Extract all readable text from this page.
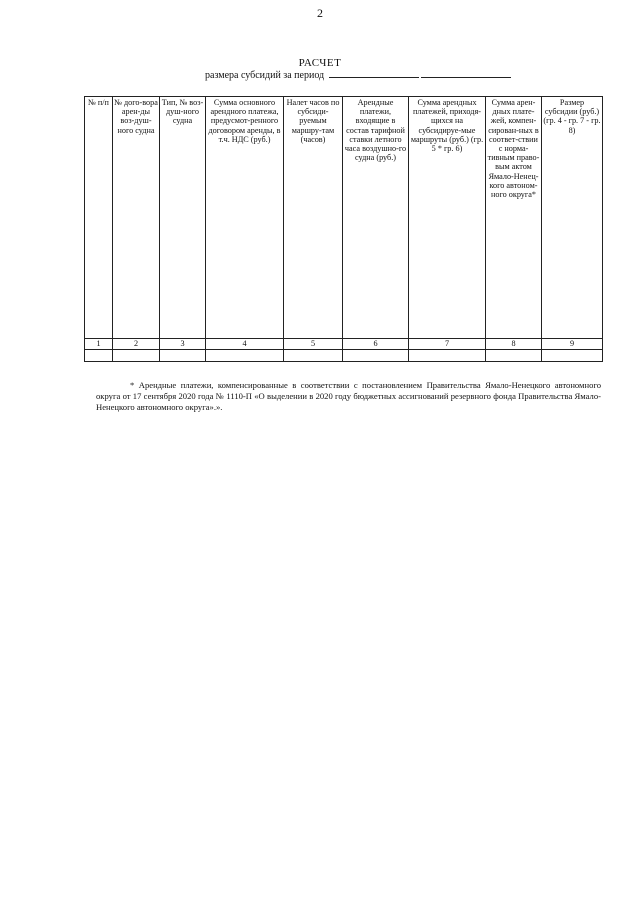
2
РАСЧЕТ
размера субсидий за период
№ п/п	№ дого-вора арен-ды воз-душ-ного судна	Тип, № воз-душ-ного судна	Сумма основного арендного платежа, предусмот-ренного договором аренды, в т.ч. НДС (руб.)	Налет часов по субсиди-руемым маршру-там (часов)	Арендные платежи, входящие в состав тарифной ставки летного часа воздушно-го судна (руб.)	Сумма арендных платежей, приходя-щихся на субсидируе-мые маршруты (руб.) (гр. 5 * гр. 6)	Сумма арен-дных плате-жей, компен-сирован-ных в соответ-ствии с норма-тивным право-вым актом Ямало-Ненец-кого автоном-ного округа*	Размер субсидии (руб.) (гр. 4 - гр. 7 - гр. 8)
1	2	3	4	5	6	7	8	9

* Арендные платежи, компенсированные в соответствии с постановлением Правительства Ямало-Ненецкого автономного округа от 17 сентября 2020 года № 1110-П «О выделении в 2020 году бюджетных ассигнований резервного фонда Правительства Ямало-Ненецкого автономного округа».».
